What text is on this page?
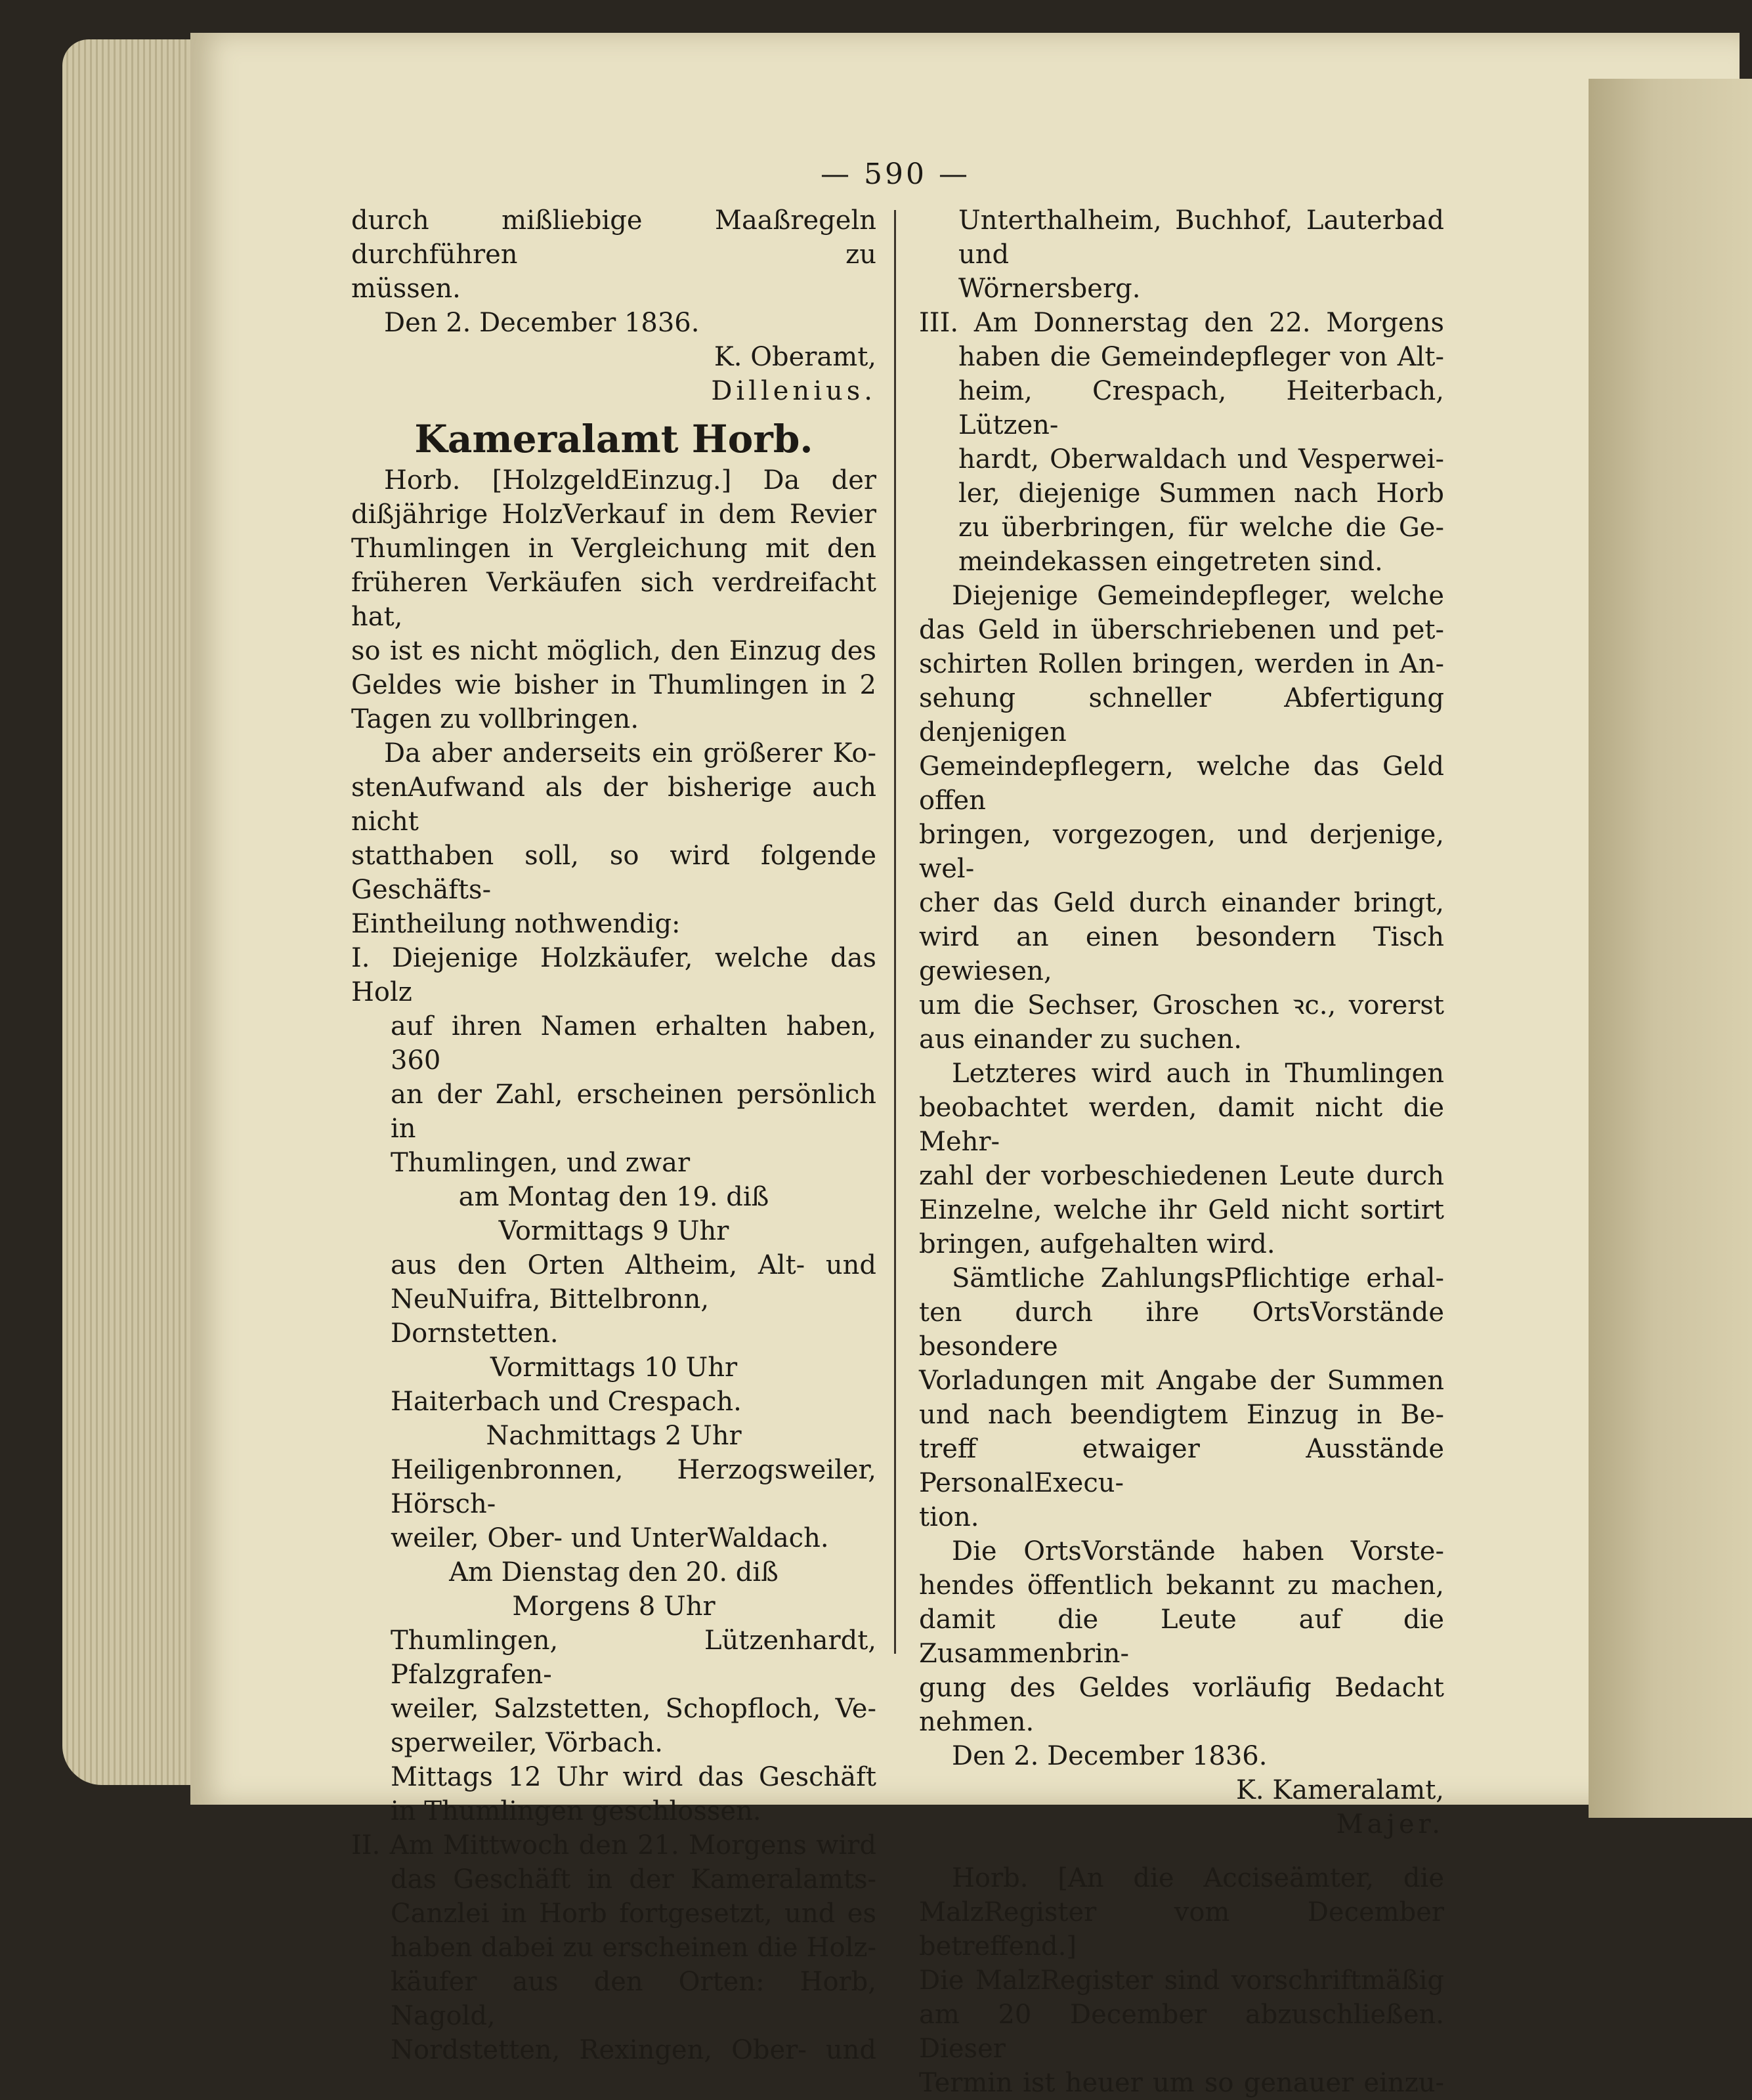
— 590 —

durch mißliebige Maaßregeln durchführen zu

müssen.

Den 2. December 1836.

K. Oberamt,

Dillenius.

Kameralamt Horb.

Horb. [HolzgeldEinzug.] Da der

dißjährige HolzVerkauf in dem Revier

Thumlingen in Vergleichung mit den

früheren Verkäufen sich verdreifacht hat,

so ist es nicht möglich, den Einzug des

Geldes wie bisher in Thumlingen in 2

Tagen zu vollbringen.

Da aber anderseits ein größerer Ko-

stenAufwand als der bisherige auch nicht

statthaben soll, so wird folgende Geschäfts-

Eintheilung nothwendig:

I. Diejenige Holzkäufer, welche das Holz

auf ihren Namen erhalten haben, 360

an der Zahl, erscheinen persönlich in

Thumlingen, und zwar

am Montag den 19. diß

Vormittags 9 Uhr

aus den Orten Altheim, Alt- und

NeuNuifra, Bittelbronn, Dornstetten.

Vormittags 10 Uhr

Haiterbach und Crespach.

Nachmittags 2 Uhr

Heiligenbronnen, Herzogsweiler, Hörsch-

weiler, Ober- und UnterWaldach.

Am Dienstag den 20. diß

Morgens 8 Uhr

Thumlingen, Lützenhardt, Pfalzgrafen-

weiler, Salzstetten, Schopfloch, Ve-

sperweiler, Vörbach.

Mittags 12 Uhr wird das Geschäft

in Thumlingen geschlossen.

II. Am Mittwoch den 21. Morgens wird

das Geschäft in der Kameralamts-

Canzlei in Horb fortgesetzt, und es

haben dabei zu erscheinen die Holz-

käufer aus den Orten: Horb, Nagold,

Nordstetten, Rexingen, Ober- und

Unterthalheim, Buchhof, Lauterbad und

Wörnersberg.

III. Am Donnerstag den 22. Morgens

haben die Gemeindepfleger von Alt-

heim, Crespach, Heiterbach, Lützen-

hardt, Oberwaldach und Vesperwei-

ler, diejenige Summen nach Horb

zu überbringen, für welche die Ge-

meindekassen eingetreten sind.

Diejenige Gemeindepfleger, welche

das Geld in überschriebenen und pet-

schirten Rollen bringen, werden in An-

sehung schneller Abfertigung denjenigen

Gemeindepflegern, welche das Geld offen

bringen, vorgezogen, und derjenige, wel-

cher das Geld durch einander bringt,

wird an einen besondern Tisch gewiesen,

um die Sechser, Groschen ꝛc., vorerst

aus einander zu suchen.

Letzteres wird auch in Thumlingen

beobachtet werden, damit nicht die Mehr-

zahl der vorbeschiedenen Leute durch

Einzelne, welche ihr Geld nicht sortirt

bringen, aufgehalten wird.

Sämtliche ZahlungsPflichtige erhal-

ten durch ihre OrtsVorstände besondere

Vorladungen mit Angabe der Summen

und nach beendigtem Einzug in Be-

treff etwaiger Ausstände PersonalExecu-

tion.

Die OrtsVorstände haben Vorste-

hendes öffentlich bekannt zu machen,

damit die Leute auf die Zusammenbrin-

gung des Geldes vorläufig Bedacht nehmen.

Den 2. December 1836.

K. Kameralamt,

Majer.

Horb. [An die Acciseämter, die

MalzRegister vom December betreffend.]

Die MalzRegister sind vorschriftmäßig

am 20 December abzuschließen. Dieser

Termin ist heuer um so genauer einzu-
